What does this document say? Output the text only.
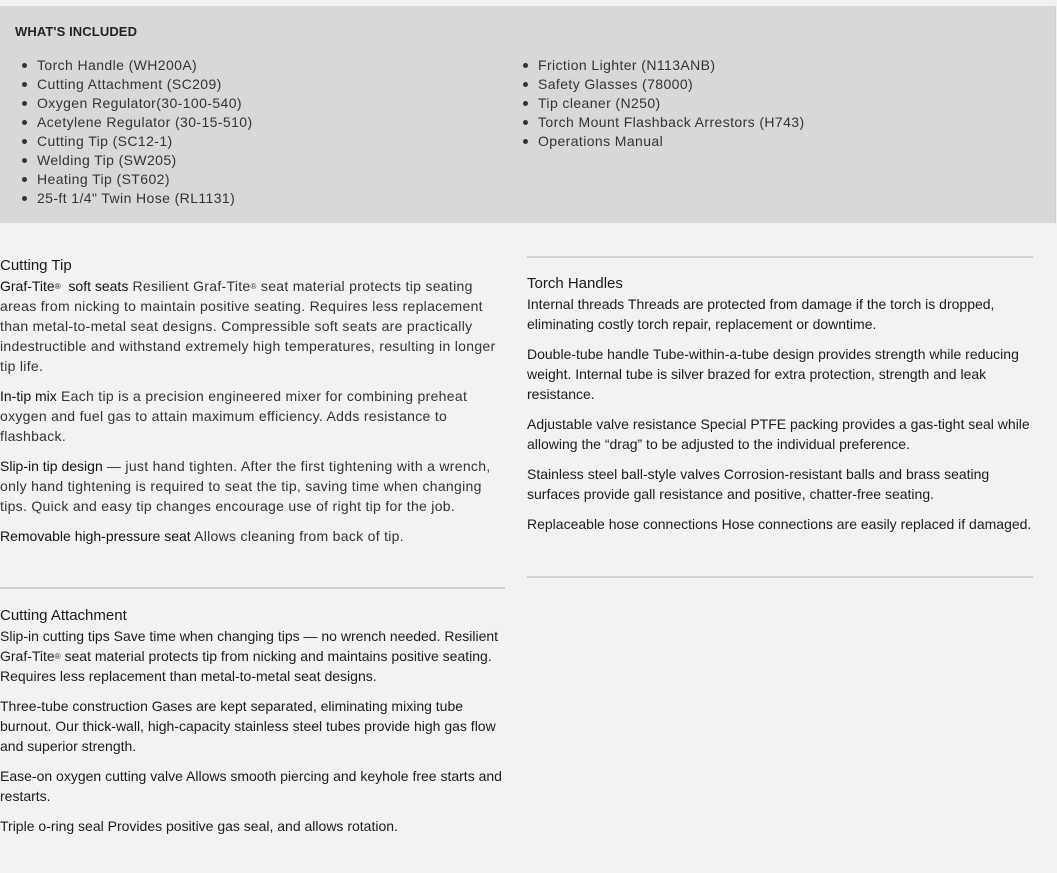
WHAT'S INCLUDED
Torch Handle (WH200A)
Cutting Attachment (SC209)
Oxygen Regulator(30-100-540)
Acetylene Regulator (30-15-510)
Cutting Tip (SC12-1)
Welding Tip (SW205)
Heating Tip (ST602)
25-ft 1/4" Twin Hose (RL1131)
Friction Lighter (N113ANB)
Safety Glasses (78000)
Tip cleaner (N250)
Torch Mount Flashback Arrestors (H743)
Operations Manual
Cutting Tip

Graf-Tite®  soft seats Resilient Graf-Tite® seat material protects tip seating areas from nicking to maintain positive seating. Requires less replacement than metal-to-metal seat designs. Compressible soft seats are practically indestructible and withstand extremely high temperatures, resulting in longer tip life.

In-tip mix Each tip is a precision engineered mixer for combining preheat oxygen and fuel gas to attain maximum efficiency. Adds resistance to flashback.

Slip-in tip design — just hand tighten. After the first tightening with a wrench, only hand tightening is required to seat the tip, saving time when changing tips. Quick and easy tip changes encourage use of right tip for the job.

Removable high-pressure seat Allows cleaning from back of tip.

Cutting Attachment

Slip-in cutting tips Save time when changing tips — no wrench needed. Resilient Graf-Tite® seat material protects tip from nicking and maintains positive seating. Requires less replacement than metal-to-metal seat designs.

Three-tube construction Gases are kept separated, eliminating mixing tube burnout. Our thick-wall, high-capacity stainless steel tubes provide high gas flow and superior strength.

Ease-on oxygen cutting valve Allows smooth piercing and keyhole free starts and restarts.

Triple o-ring seal Provides positive gas seal, and allows rotation.

Torch Handles

Internal threads Threads are protected from damage if the torch is dropped, eliminating costly torch repair, replacement or downtime.

Double-tube handle Tube-within-a-tube design provides strength while reducing weight. Internal tube is silver brazed for extra protection, strength and leak resistance.

Adjustable valve resistance Special PTFE packing provides a gas-tight seal while allowing the “drag” to be adjusted to the individual preference.

Stainless steel ball-style valves Corrosion-resistant balls and brass seating surfaces provide gall resistance and positive, chatter-free seating.

Replaceable hose connections Hose connections are easily replaced if damaged.
